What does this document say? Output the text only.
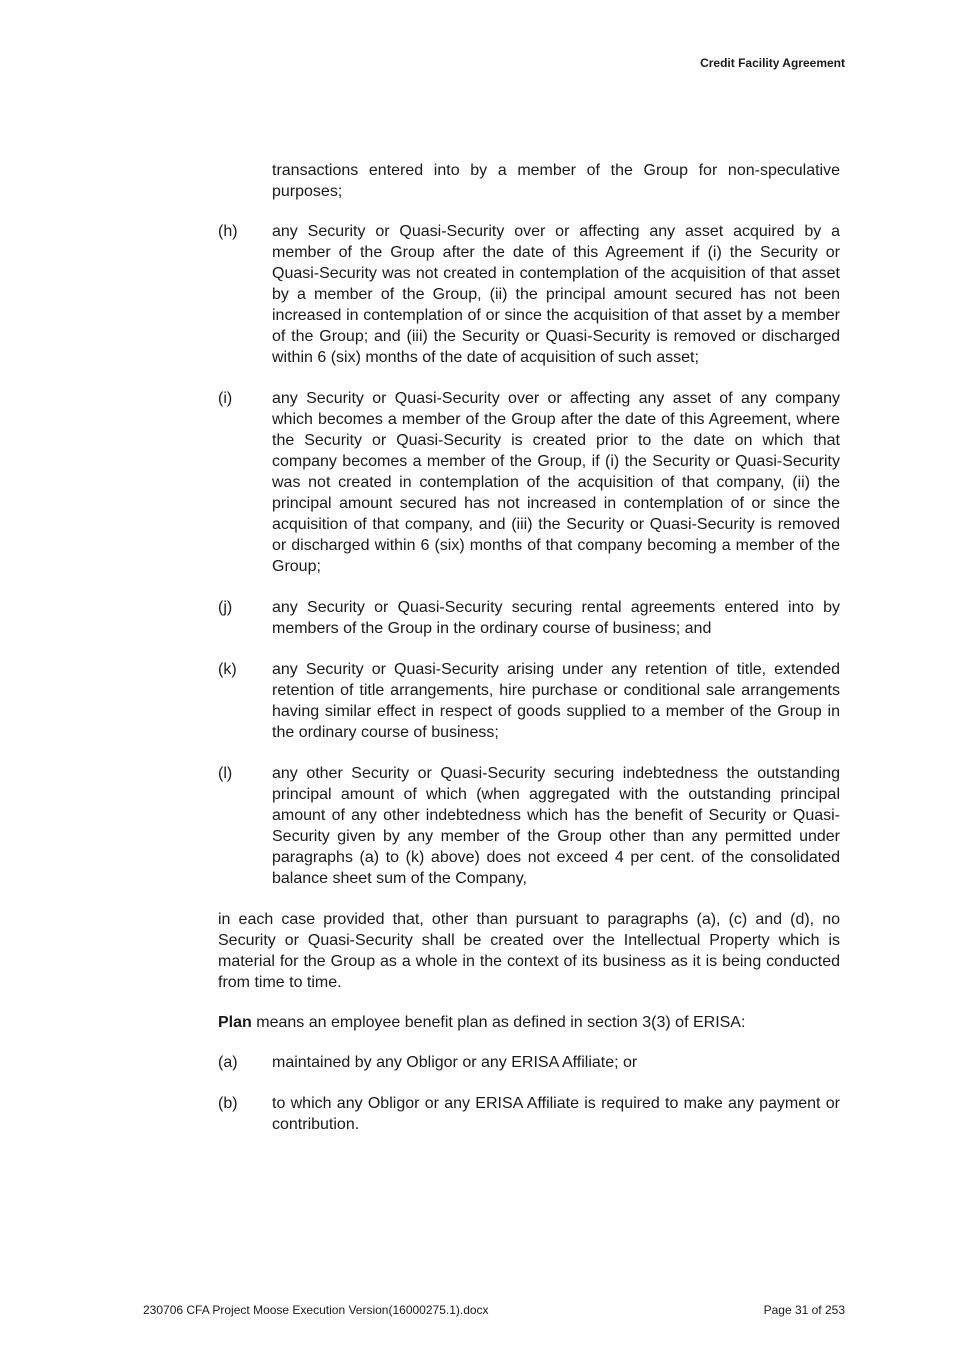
Credit Facility Agreement

transactions entered into by a member of the Group for non-speculative purposes;

(h)	any Security or Quasi-Security over or affecting any asset acquired by a member of the Group after the date of this Agreement if (i) the Security or Quasi-Security was not created in contemplation of the acquisition of that asset by a member of the Group, (ii) the principal amount secured has not been increased in contemplation of or since the acquisition of that asset by a member of the Group; and (iii) the Security or Quasi-Security is removed or discharged within 6 (six) months of the date of acquisition of such asset;
(i)	any Security or Quasi-Security over or affecting any asset of any company which becomes a member of the Group after the date of this Agreement, where the Security or Quasi-Security is created prior to the date on which that company becomes a member of the Group, if (i) the Security or Quasi-Security was not created in contemplation of the acquisition of that company, (ii) the principal amount secured has not increased in contemplation of or since the acquisition of that company, and (iii) the Security or Quasi-Security is removed or discharged within 6 (six) months of that company becoming a member of the Group;
(j)	any Security or Quasi-Security securing rental agreements entered into by members of the Group in the ordinary course of business; and
(k)	any Security or Quasi-Security arising under any retention of title, extended retention of title arrangements, hire purchase or conditional sale arrangements having similar effect in respect of goods supplied to a member of the Group in the ordinary course of business;
(l)	any other Security or Quasi-Security securing indebtedness the outstanding principal amount of which (when aggregated with the outstanding principal amount of any other indebtedness which has the benefit of Security or Quasi-Security given by any member of the Group other than any permitted under paragraphs (a) to (k) above) does not exceed 4 per cent. of the consolidated balance sheet sum of the Company,

in each case provided that, other than pursuant to paragraphs (a), (c) and (d), no Security or Quasi-Security shall be created over the Intellectual Property which is material for the Group as a whole in the context of its business as it is being conducted from time to time.

Plan means an employee benefit plan as defined in section 3(3) of ERISA:

(a)	maintained by any Obligor or any ERISA Affiliate; or
(b)	to which any Obligor or any ERISA Affiliate is required to make any payment or contribution.
230706 CFA Project Moose Execution Version(16000275.1).docx	Page 31 of 253
